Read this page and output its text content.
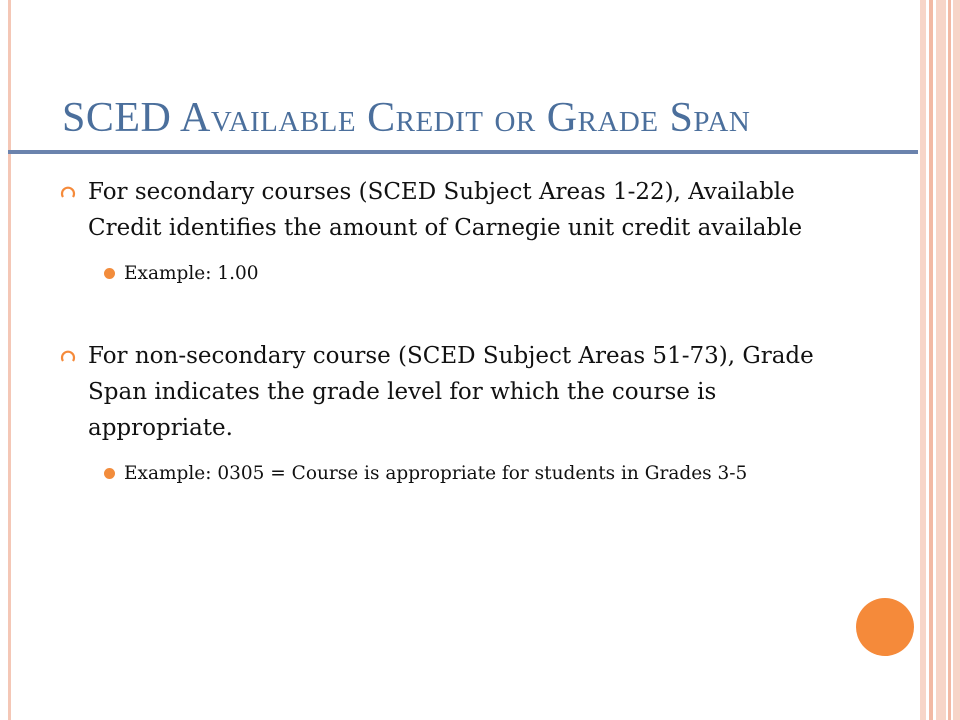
SCED Available Credit or Grade Span
For secondary courses (SCED Subject Areas 1-22), Available Credit identifies the amount of Carnegie unit credit available
Example: 1.00
For non-secondary course (SCED Subject Areas 51-73), Grade Span indicates the grade level for which the course is appropriate.
Example: 0305 = Course is appropriate for students in Grades 3-5
